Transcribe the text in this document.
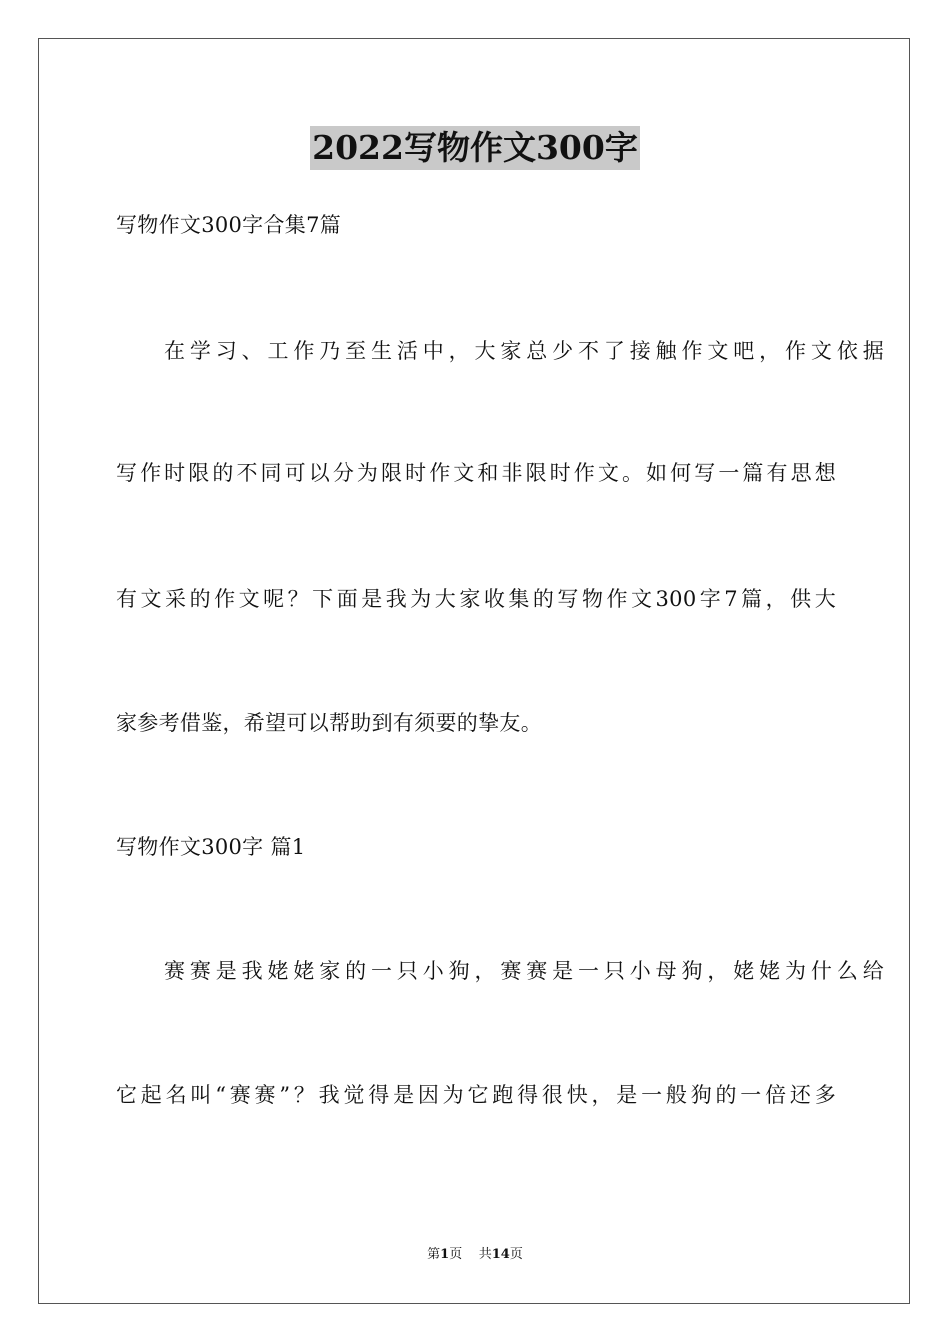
2022写物作文300字
写物作文300字合集7篇
在学习、工作乃至生活中，大家总少不了接触作文吧，作文依据
写作时限的不同可以分为限时作文和非限时作文。如何写一篇有思想
有文采的作文呢？下面是我为大家收集的写物作文300字7篇，供大
家参考借鉴，希望可以帮助到有须要的挚友。
写物作文300字 篇1
赛赛是我姥姥家的一只小狗，赛赛是一只小母狗，姥姥为什么给
它起名叫“赛赛”？我觉得是因为它跑得很快，是一般狗的一倍还多
第1页 共14页
